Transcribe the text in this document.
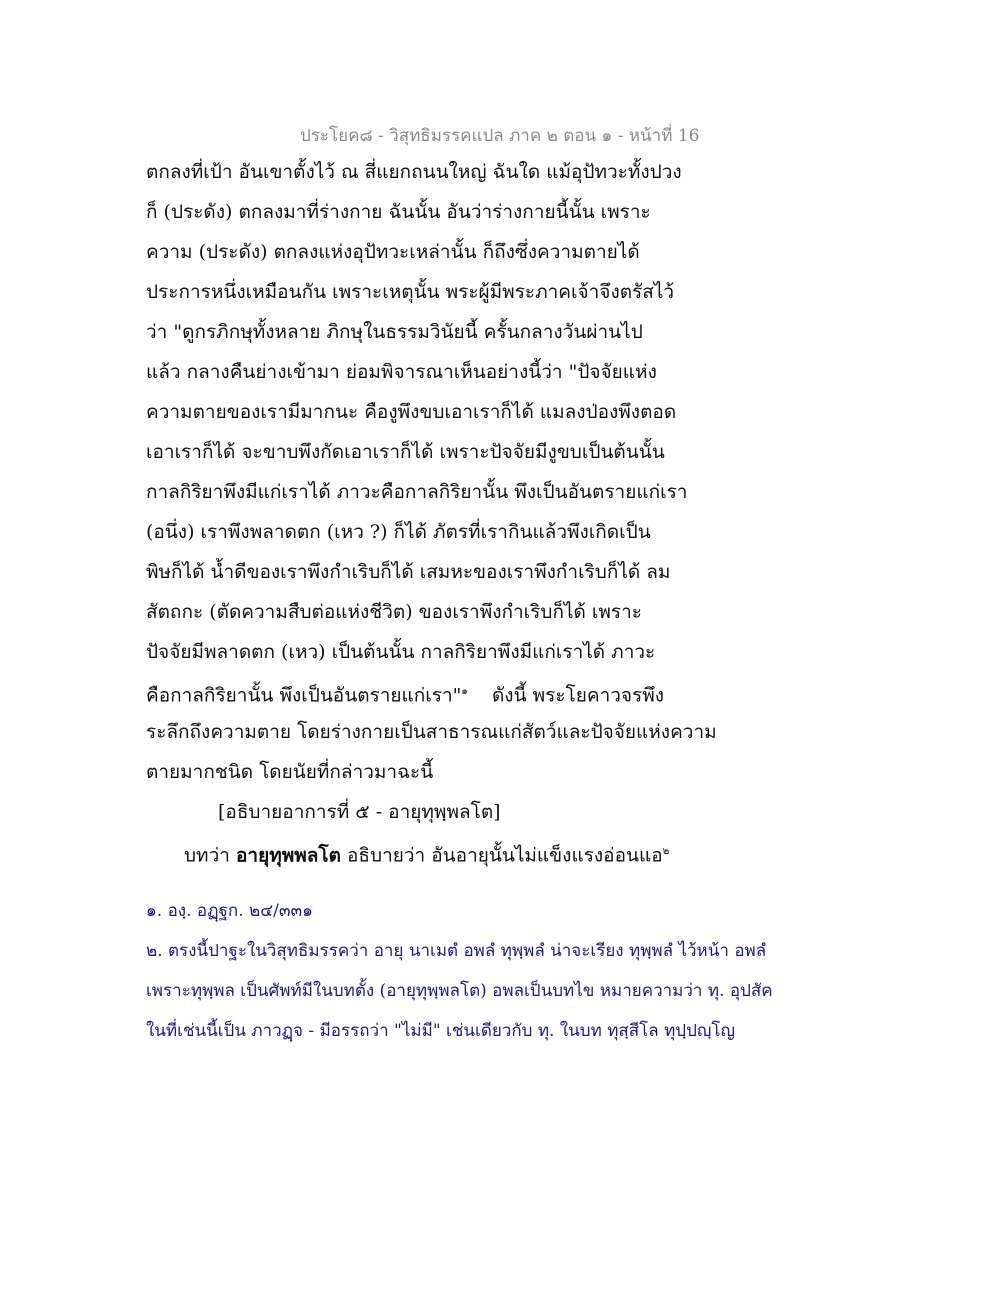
ประโยค๘ - วิสุทธิมรรคแปล ภาค ๒ ตอน ๑ - หน้าที่ 16
ตกลงที่เป้า อันเขาตั้งไว้ ณ สี่แยกถนนใหญ่ ฉันใด แม้อุปัทวะทั้งปวง
ก็ (ประดัง) ตกลงมาที่ร่างกาย ฉันนั้น อันว่าร่างกายนี้นั้น เพราะ
ความ (ประดัง) ตกลงแห่งอุปัทวะเหล่านั้น ก็ถึงซึ่งความตายได้
ประการหนึ่งเหมือนกัน เพราะเหตุนั้น พระผู้มีพระภาคเจ้าจึงตรัสไว้
ว่า "ดูกรภิกษุทั้งหลาย ภิกษุในธรรมวินัยนี้ ครั้นกลางวันผ่านไป
แล้ว กลางคืนย่างเข้ามา ย่อมพิจารณาเห็นอย่างนี้ว่า "ปัจจัยแห่ง
ความตายของเรามีมากนะ คืองูพึงขบเอาเราก็ได้ แมลงป่องพึงตอด
เอาเราก็ได้ จะขาบพึงกัดเอาเราก็ได้ เพราะปัจจัยมีงูขบเป็นต้นนั้น
กาลกิริยาพึงมีแก่เราได้ ภาวะคือกาลกิริยานั้น พึงเป็นอันตรายแก่เรา
(อนึ่ง) เราพึงพลาดตก (เหว ?) ก็ได้ ภัตรที่เรากินแล้วพึงเกิดเป็น
พิษก็ได้ น้ำดีของเราพึงกำเริบก็ได้ เสมหะของเราพึงกำเริบก็ได้ ลม
สัตถกะ (ตัดความสืบต่อแห่งชีวิต) ของเราพึงกำเริบก็ได้ เพราะ
ปัจจัยมีพลาดตก (เหว) เป็นต้นนั้น กาลกิริยาพึงมีแก่เราได้ ภาวะ
คือกาลกิริยานั้น พึงเป็นอันตรายแก่เรา"$^๑$ ดังนี้ พระโยคาวจรพึง
ระลึกถึงความตาย โดยร่างกายเป็นสาธารณแก่สัตว์และปัจจัยแห่งความ
ตายมากชนิด โดยนัยที่กล่าวมาฉะนี้
[อธิบายอาการที่ ๕ - อายุทุพฺพลโต]
บทว่า อายุทุพพลโต อธิบายว่า อันอายุนั้นไม่แข็งแรงอ่อนแอ$^๒$
๑. องฺ. อฏฺฐก. ๒๔/๓๓๑
๒. ตรงนี้ปาฐะในวิสุทธิมรรคว่า อายุ นาเมตํ อพลํ ทุพฺพลํ น่าจะเรียง ทุพฺพลํ ไว้หน้า อพลํ
เพราะทุพฺพล เป็นศัพท์มีในบทตั้ง (อายุทุพฺพลโต) อพลเป็นบทไข หมายความว่า ทุ. อุปสัค
ในที่เช่นนี้เป็น ภาวฏฺจ - มีอรรถว่า "ไม่มี" เช่นเดียวกับ ทุ. ในบท ทุสฺสีโล ทุปฺปญฺโญ
